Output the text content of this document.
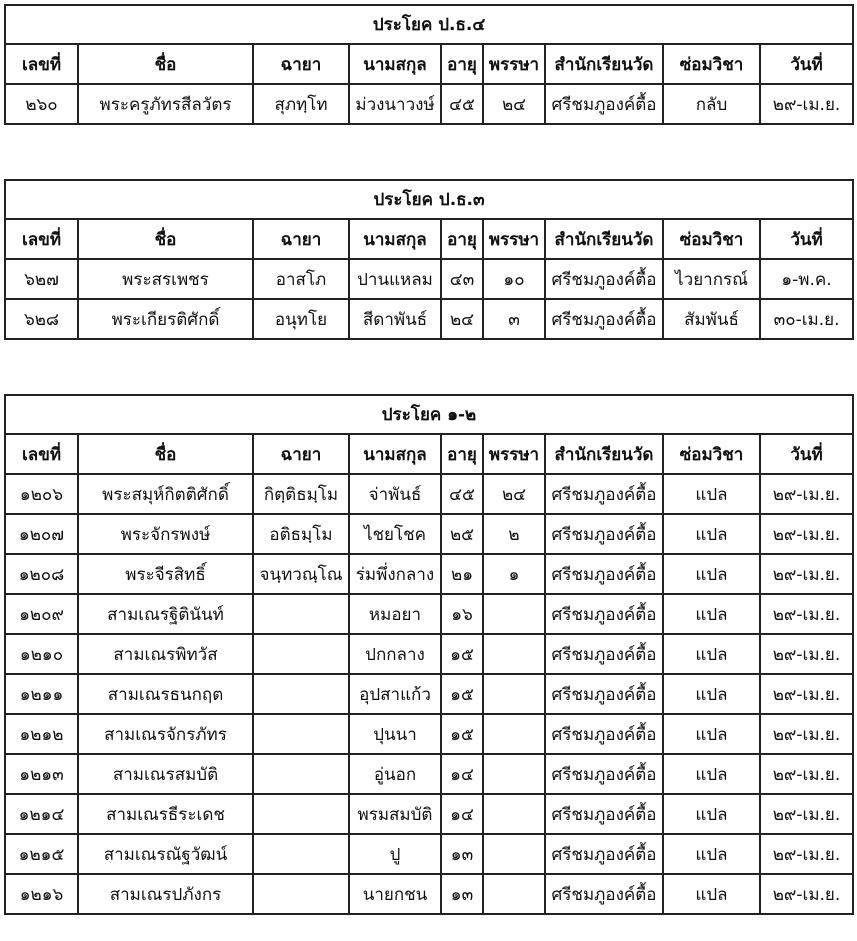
ประโยค ป.ธ.๔								
เลขที่	ชื่อ	ฉายา	นามสกุล	อายุ	พรรษา	สำนักเรียนวัด	ซ่อมวิชา	วันที่
๒๖๐	พระครูภัทรสีลวัตร	สุภทฺโท	ม่วงนาวงษ์	๔๕	๒๔	ศรีชมภูองค์ตื้อ	กลับ	๒๙-เม.ย.
ประโยค ป.ธ.๓								
เลขที่	ชื่อ	ฉายา	นามสกุล	อายุ	พรรษา	สำนักเรียนวัด	ซ่อมวิชา	วันที่
๖๒๗	พระสรเพชร	อาสโภ	ปานแหลม	๔๓	๑๐	ศรีชมภูองค์ตื้อ	ไวยากรณ์	๑-พ.ค.
๖๒๘	พระเกียรติศักดิ์	อนุทโย	สีดาพันธ์	๒๔	๓	ศรีชมภูองค์ตื้อ	สัมพันธ์	๓๐-เม.ย.
ประโยค ๑-๒								
เลขที่	ชื่อ	ฉายา	นามสกุล	อายุ	พรรษา	สำนักเรียนวัด	ซ่อมวิชา	วันที่
๑๒๐๖	พระสมุห์กิตติศักดิ์	กิตฺติธมฺโม	จ่าพันธ์	๔๕	๒๔	ศรีชมภูองค์ตื้อ	แปล	๒๙-เม.ย.
๑๒๐๗	พระจักรพงษ์	อติธมฺโม	ไชยโชค	๒๕	๒	ศรีชมภูองค์ตื้อ	แปล	๒๙-เม.ย.
๑๒๐๘	พระจีรสิทธิ์	จนฺทวณฺโณ	ร่มพึ่งกลาง	๒๑	๑	ศรีชมภูองค์ตื้อ	แปล	๒๙-เม.ย.
๑๒๐๙	สามเณรฐิตินันท์		หมอยา	๑๖		ศรีชมภูองค์ตื้อ	แปล	๒๙-เม.ย.
๑๒๑๐	สามเณรพิทวัส		ปกกลาง	๑๕		ศรีชมภูองค์ตื้อ	แปล	๒๙-เม.ย.
๑๒๑๑	สามเณรธนกฤต		อุปสาแก้ว	๑๕		ศรีชมภูองค์ตื้อ	แปล	๒๙-เม.ย.
๑๒๑๒	สามเณรจักรภัทร		ปุนนา	๑๕		ศรีชมภูองค์ตื้อ	แปล	๒๙-เม.ย.
๑๒๑๓	สามเณรสมบัติ		อู่นอก	๑๔		ศรีชมภูองค์ตื้อ	แปล	๒๙-เม.ย.
๑๒๑๔	สามเณรธีระเดช		พรมสมบัติ	๑๔		ศรีชมภูองค์ตื้อ	แปล	๒๙-เม.ย.
๑๒๑๕	สามเณรณัฐวัฒน์		ปู	๑๓		ศรีชมภูองค์ตื้อ	แปล	๒๙-เม.ย.
๑๒๑๖	สามเณรปภังกร		นายกชน	๑๓		ศรีชมภูองค์ตื้อ	แปล	๒๙-เม.ย.
